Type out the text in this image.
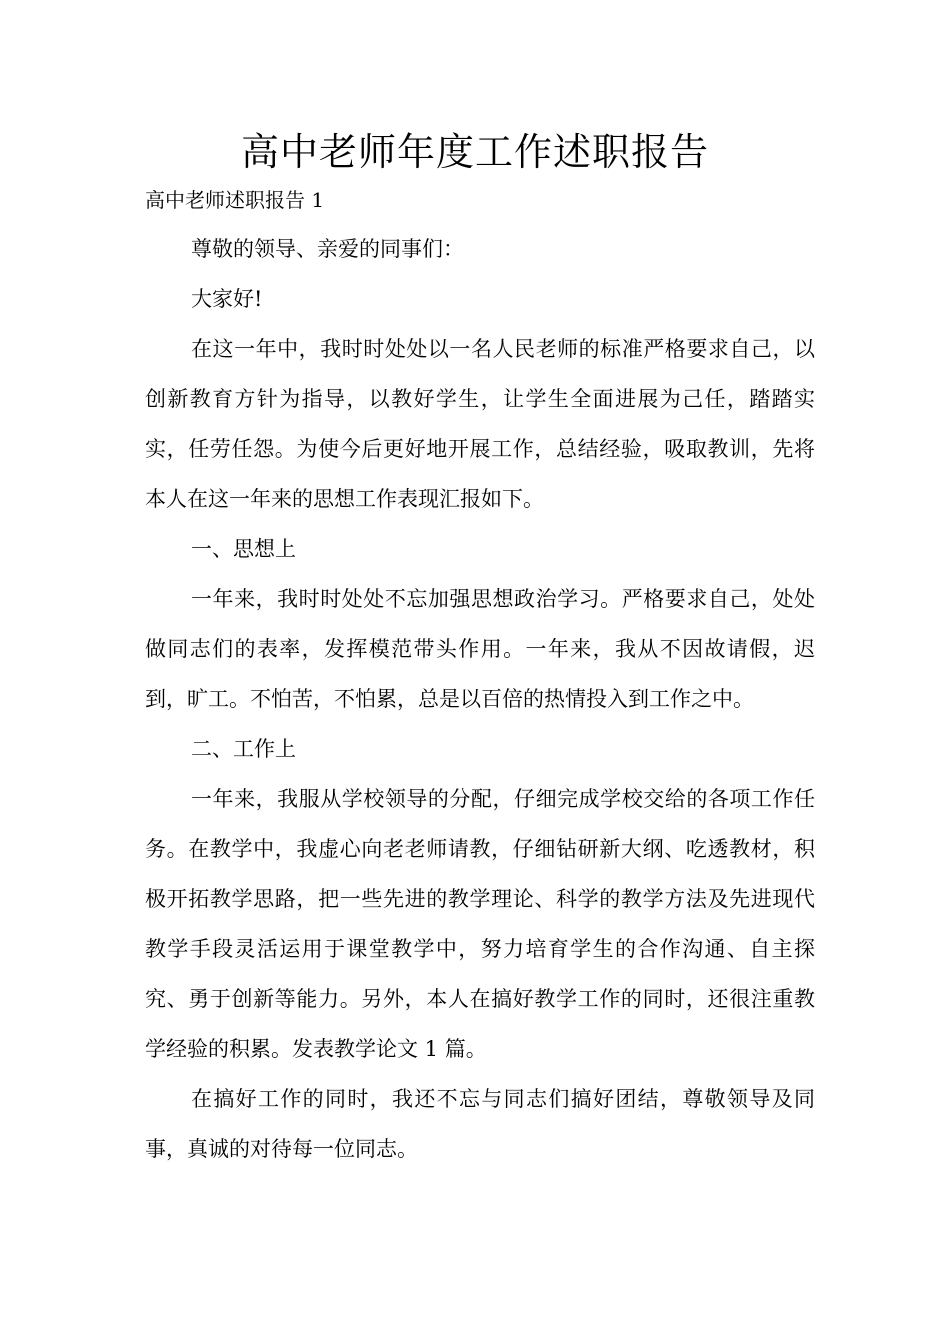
高中老师年度工作述职报告
高中老师述职报告 1

尊敬的领导、亲爱的同事们：

大家好!

在这一年中，我时时处处以一名人民老师的标准严格要求自己，以创新教育方针为指导，以教好学生，让学生全面进展为己任，踏踏实实，任劳任怨。为使今后更好地开展工作，总结经验，吸取教训，先将本人在这一年来的思想工作表现汇报如下。

一、思想上

一年来，我时时处处不忘加强思想政治学习。严格要求自己，处处做同志们的表率，发挥模范带头作用。一年来，我从不因故请假，迟到，旷工。不怕苦，不怕累，总是以百倍的热情投入到工作之中。

二、工作上

一年来，我服从学校领导的分配，仔细完成学校交给的各项工作任务。在教学中，我虚心向老老师请教，仔细钻研新大纲、吃透教材，积极开拓教学思路，把一些先进的教学理论、科学的教学方法及先进现代教学手段灵活运用于课堂教学中，努力培育学生的合作沟通、自主探究、勇于创新等能力。另外，本人在搞好教学工作的同时，还很注重教学经验的积累。发表教学论文 1 篇。

在搞好工作的同时，我还不忘与同志们搞好团结，尊敬领导及同事，真诚的对待每一位同志。
